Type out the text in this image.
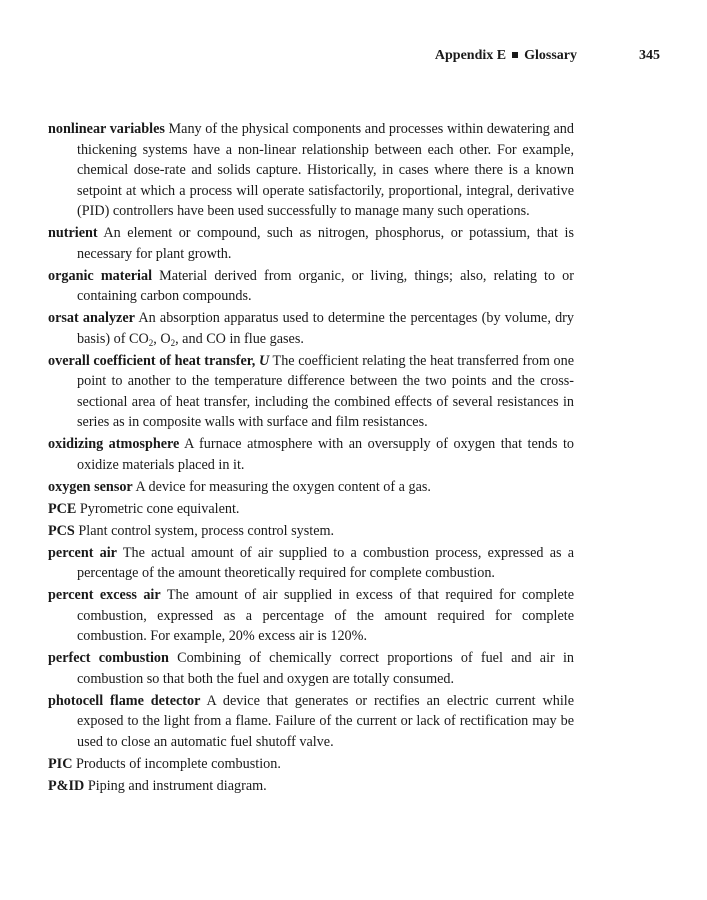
Appendix E Glossary	345

nonlinear variables Many of the physical components and processes within dewatering and thickening systems have a non-linear relationship between each other. For example, chemical dose-rate and solids capture. Historically, in cases where there is a known setpoint at which a process will operate satisfactorily, proportional, integral, derivative (PID) controllers have been used successfully to manage many such operations.

nutrient An element or compound, such as nitrogen, phosphorus, or potassium, that is necessary for plant growth.

organic material Material derived from organic, or living, things; also, relating to or containing carbon compounds.

orsat analyzer An absorption apparatus used to determine the percentages (by volume, dry basis) of $CO_2$, $O_2$, and CO in flue gases.

overall coefficient of heat transfer, U The coefficient relating the heat transferred from one point to another to the temperature difference between the two points and the cross-sectional area of heat transfer, including the combined effects of several resistances in series as in composite walls with surface and film resistances.

oxidizing atmosphere A furnace atmosphere with an oversupply of oxygen that tends to oxidize materials placed in it.

oxygen sensor A device for measuring the oxygen content of a gas.

PCE Pyrometric cone equivalent.

PCS Plant control system, process control system.

percent air The actual amount of air supplied to a combustion process, expressed as a percentage of the amount theoretically required for complete combustion.

percent excess air The amount of air supplied in excess of that required for complete combustion, expressed as a percentage of the amount required for complete combustion. For example, 20% excess air is 120%.

perfect combustion Combining of chemically correct proportions of fuel and air in combustion so that both the fuel and oxygen are totally consumed.

photocell flame detector A device that generates or rectifies an electric current while exposed to the light from a flame. Failure of the current or lack of rectification may be used to close an automatic fuel shutoff valve.

PIC Products of incomplete combustion.

P&ID Piping and instrument diagram.
